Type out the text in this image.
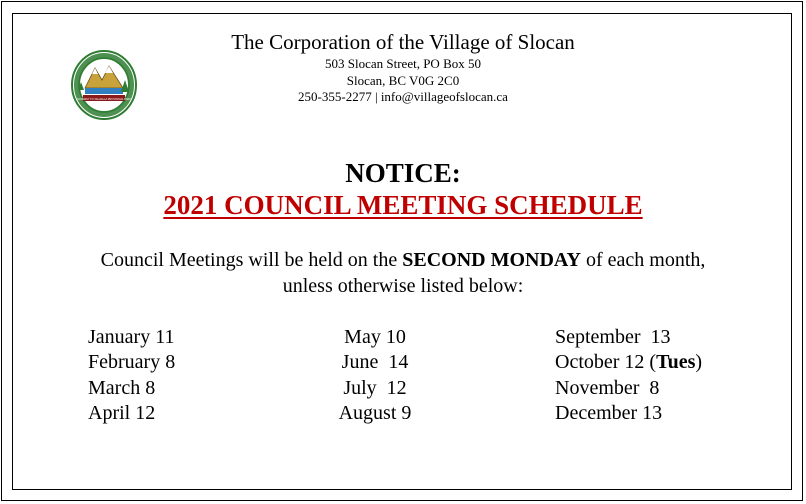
GATEWAY TO VALHALLA PROVINCIAL PARK
The Corporation of the Village of Slocan
503 Slocan Street, PO Box 50
Slocan, BC V0G 2C0
250-355-2277 | info@villageofslocan.ca
NOTICE:
2021 COUNCIL MEETING SCHEDULE
Council Meetings will be held on the SECOND MONDAY of each month,
unless otherwise listed below:
January 11
February 8
March 8
April 12
May 10
June  14
July  12
August 9
September  13
October 12 (Tues)
November  8
December 13
